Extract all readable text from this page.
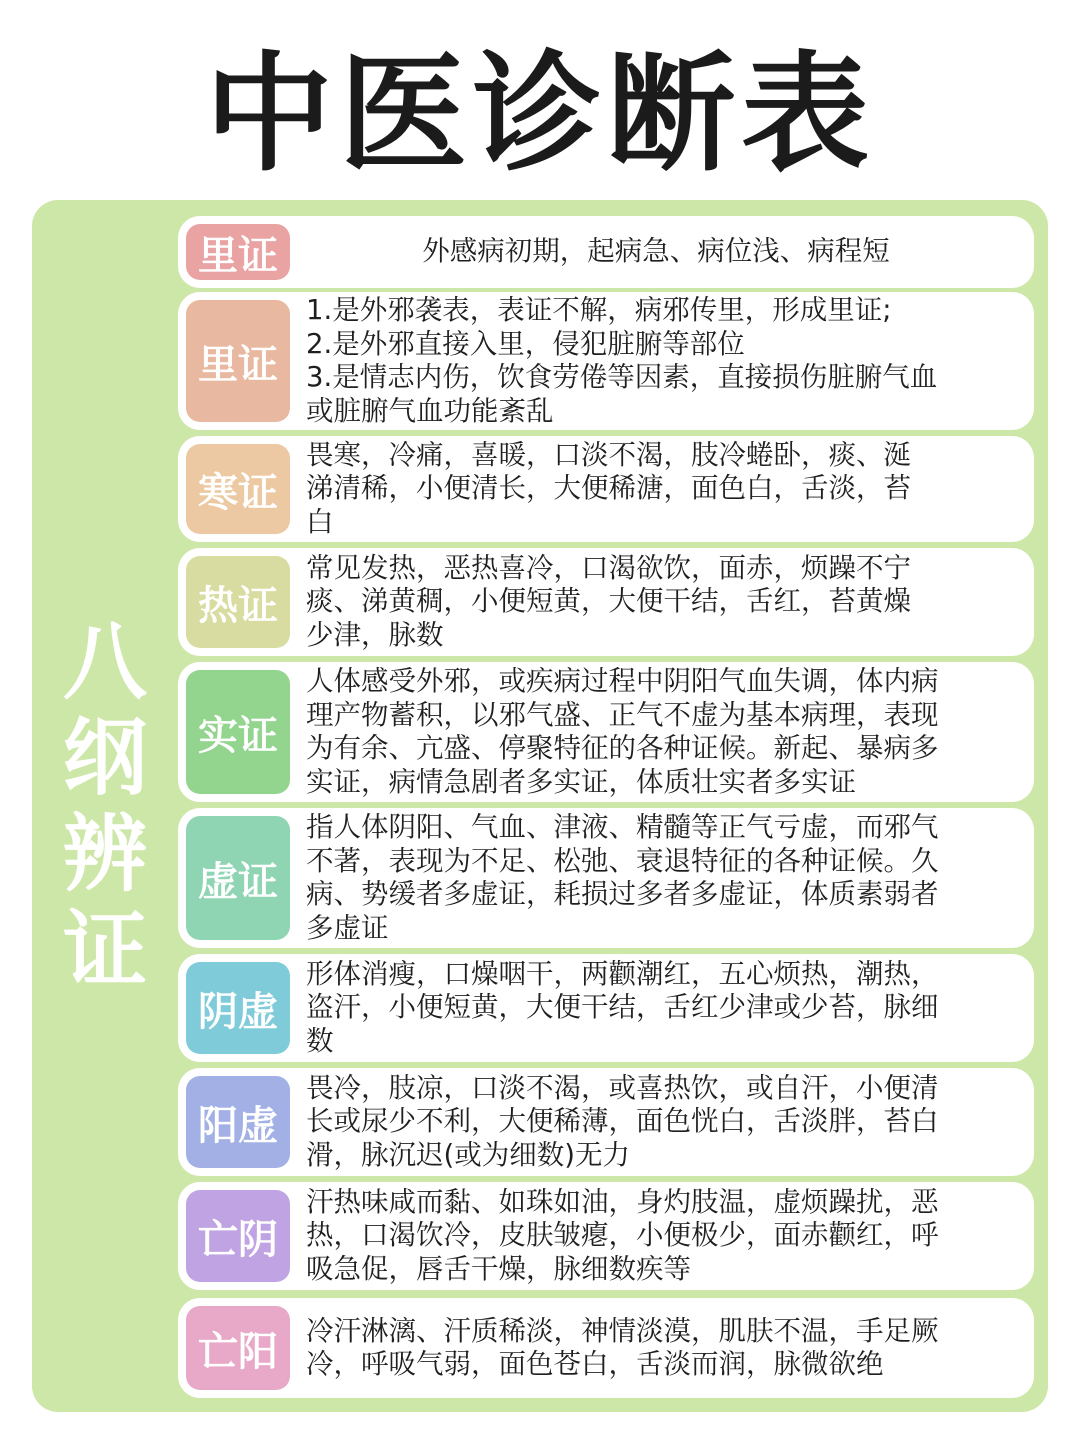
中医诊断表
八
纲
辨
证
里证	外感病初期，起病急、病位浅、病程短
里证
1.是外邪袭表，表证不解，病邪传里，形成里证;
2.是外邪直接入里，侵犯脏腑等部位
3.是情志内伤，饮食劳倦等因素，直接损伤脏腑气血
或脏腑气血功能紊乱
寒证
畏寒，冷痛，喜暖，口淡不渴，肢冷蜷卧，痰、涎
涕清稀，小便清长，大便稀溏，面色白，舌淡，苔
白
热证
常见发热，恶热喜冷，口渴欲饮，面赤，烦躁不宁
痰、涕黄稠，小便短黄，大便干结，舌红，苔黄燥
少津，脉数
实证
人体感受外邪，或疾病过程中阴阳气血失调，体内病
理产物蓄积，以邪气盛、正气不虚为基本病理，表现
为有余、亢盛、停聚特征的各种证候。新起、暴病多
实证，病情急剧者多实证，体质壮实者多实证
虚证
指人体阴阳、气血、津液、精髓等正气亏虚，而邪气
不著，表现为不足、松弛、衰退特征的各种证候。久
病、势缓者多虚证，耗损过多者多虚证，体质素弱者
多虚证
阴虚
形体消瘦，口燥咽干，两颧潮红，五心烦热，潮热，
盗汗，小便短黄，大便干结，舌红少津或少苔，脉细
数
阳虚
畏冷，肢凉，口淡不渴，或喜热饮，或自汗，小便清
长或尿少不利，大便稀薄，面色恍白，舌淡胖，苔白
滑，脉沉迟(或为细数)无力
亡阴
汗热味咸而黏、如珠如油，身灼肢温，虚烦躁扰，恶
热，口渴饮冷，皮肤皱瘪，小便极少，面赤颧红，呼
吸急促，唇舌干燥，脉细数疾等
亡阳	冷汗淋漓、汗质稀淡，神情淡漠，肌肤不温，手足厥
冷，呼吸气弱，面色苍白，舌淡而润，脉微欲绝
